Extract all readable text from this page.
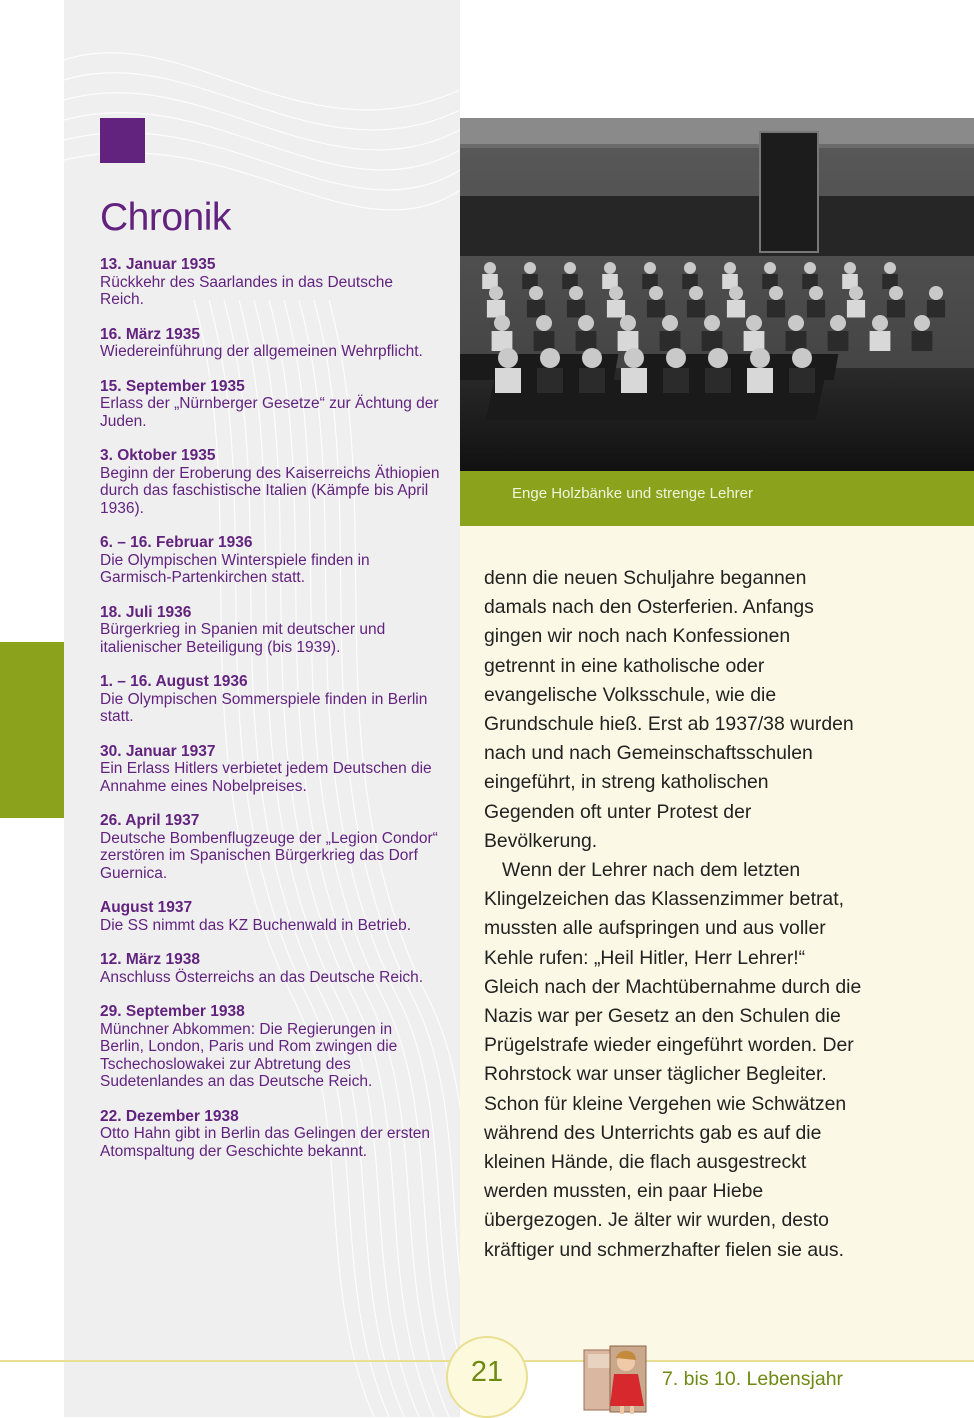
Chronik
13. Januar 1935
Rückkehr des Saarlandes in das Deutsche Reich.
16. März 1935
Wiedereinführung der allgemeinen Wehrpflicht.
15. September 1935
Erlass der „Nürnberger Gesetze“ zur Ächtung der Juden.
3. Oktober 1935
Beginn der Eroberung des Kaiserreichs Äthiopien durch das faschistische Italien (Kämpfe bis April 1936).
6. – 16. Februar 1936
Die Olympischen Winterspiele finden in Garmisch-Partenkirchen statt.
18. Juli 1936
Bürgerkrieg in Spanien mit deutscher und italienischer Beteiligung (bis 1939).
1. – 16. August 1936
Die Olympischen Sommerspiele finden in Berlin statt.
30. Januar 1937
Ein Erlass Hitlers verbietet jedem Deutschen die Annahme eines Nobelpreises.
26. April 1937
Deutsche Bombenflugzeuge der „Legion Condor“ zerstören im Spanischen Bürgerkrieg das Dorf Guernica.
August 1937
Die SS nimmt das KZ Buchenwald in Betrieb.
12. März 1938
Anschluss Österreichs an das Deutsche Reich.
29. September 1938
Münchner Abkommen: Die Regierungen in Berlin, London, Paris und Rom zwingen die Tschechoslowakei zur Abtretung des Sudetenlandes an das Deutsche Reich.
22. Dezember 1938
Otto Hahn gibt in Berlin das Gelingen der ersten Atomspaltung der Geschichte bekannt.
Enge Holzbänke und strenge Lehrer

denn die neuen Schuljahre begannen damals nach den Osterferien. Anfangs gingen wir noch nach Konfessionen getrennt in eine katholische oder evangelische Volksschule, wie die Grundschule hieß. Erst ab 1937/38 wurden nach und nach Gemeinschaftsschulen eingeführt, in streng katholischen Gegenden oft unter Protest der Bevölkerung.

Wenn der Lehrer nach dem letzten Klingelzeichen das Klassenzimmer betrat, mussten alle aufspringen und aus voller Kehle rufen: „Heil Hitler, Herr Lehrer!“ Gleich nach der Machtübernahme durch die Nazis war per Gesetz an den Schulen die Prügelstrafe wieder eingeführt worden. Der Rohrstock war unser täglicher Begleiter. Schon für kleine Vergehen wie Schwätzen während des Unterrichts gab es auf die kleinen Hände, die flach ausgestreckt werden mussten, ein paar Hiebe übergezogen. Je älter wir wurden, desto kräftiger und schmerzhafter fielen sie aus.

21	7. bis 10. Lebensjahr
